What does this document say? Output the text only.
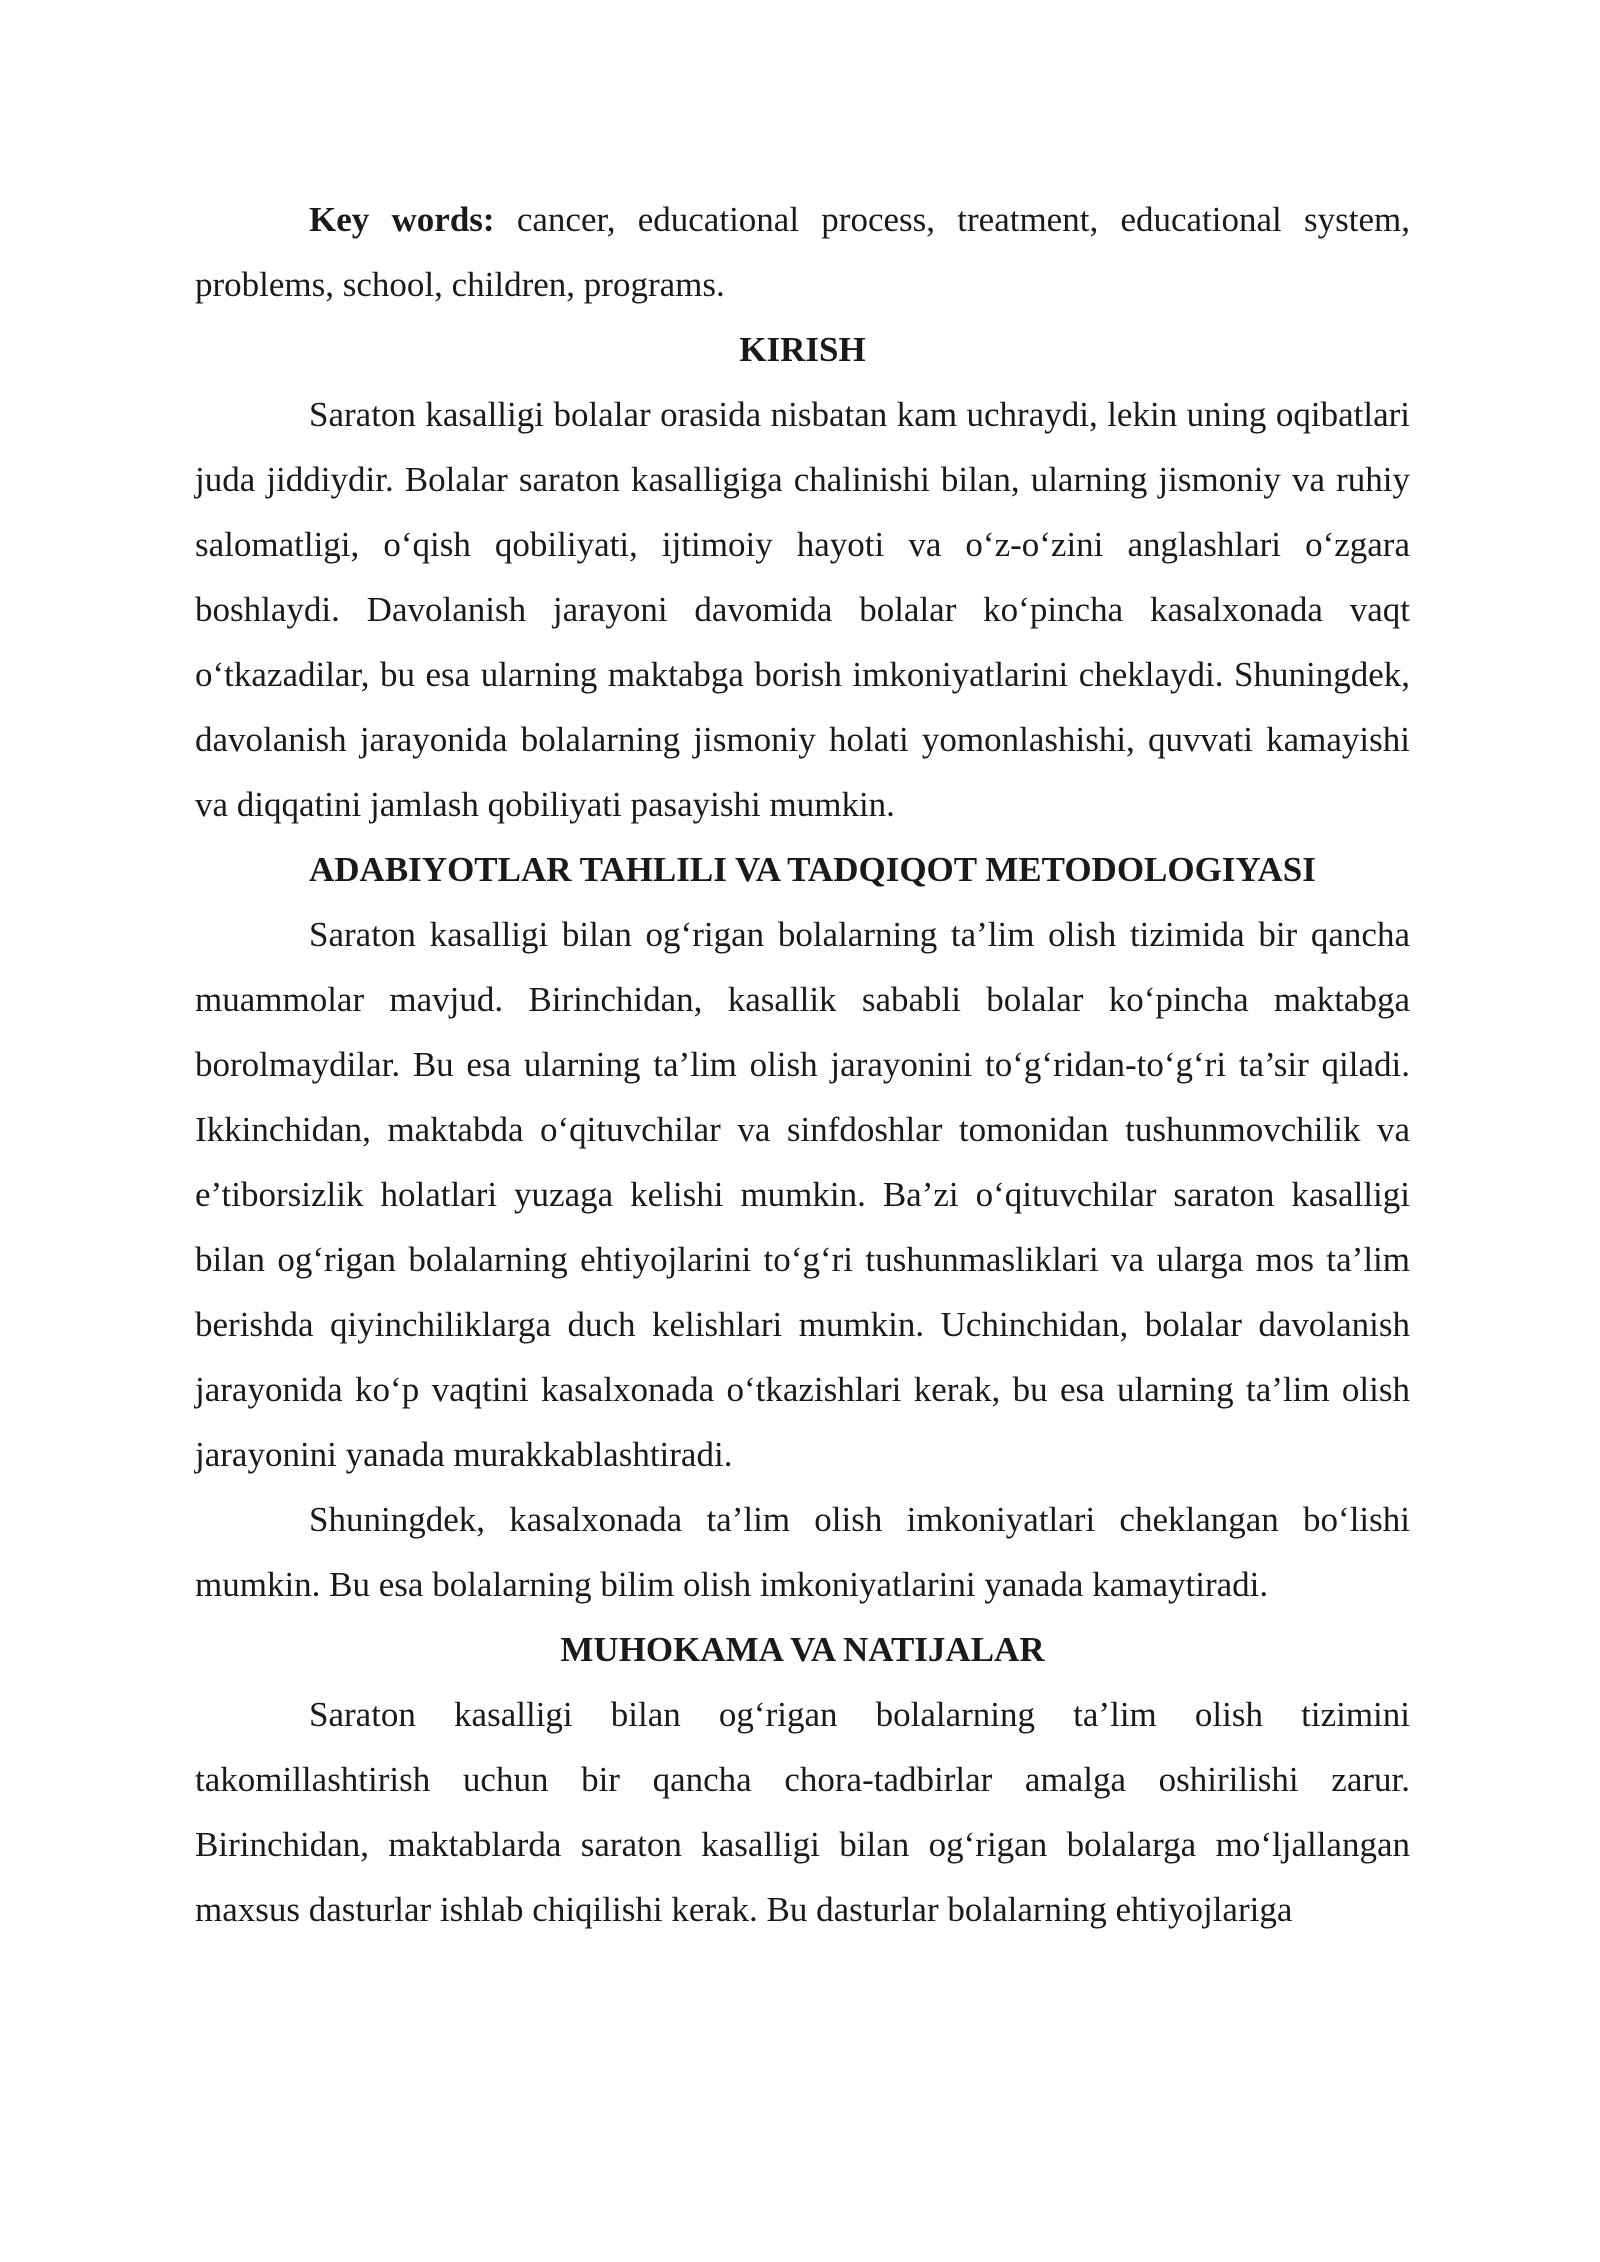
Key words: cancer, educational process, treatment, educational system, problems, school, children, programs.

KIRISH

Saraton kasalligi bolalar orasida nisbatan kam uchraydi, lekin uning oqibatlari juda jiddiydir. Bolalar saraton kasalligiga chalinishi bilan, ularning jismoniy va ruhiy salomatligi, o‘qish qobiliyati, ijtimoiy hayoti va o‘z-o‘zini anglashlari o‘zgara boshlaydi. Davolanish jarayoni davomida bolalar ko‘pincha kasalxonada vaqt o‘tkazadilar, bu esa ularning maktabga borish imkoniyatlarini cheklaydi. Shuningdek, davolanish jarayonida bolalarning jismoniy holati yomonlashishi, quvvati kamayishi va diqqatini jamlash qobiliyati pasayishi mumkin.

ADABIYOTLAR TAHLILI VA TADQIQOT METODOLOGIYASI

Saraton kasalligi bilan og‘rigan bolalarning ta’lim olish tizimida bir qancha muammolar mavjud. Birinchidan, kasallik sababli bolalar ko‘pincha maktabga borolmaydilar. Bu esa ularning ta’lim olish jarayonini to‘g‘ridan-to‘g‘ri ta’sir qiladi. Ikkinchidan, maktabda o‘qituvchilar va sinfdoshlar tomonidan tushunmovchilik va e’tiborsizlik holatlari yuzaga kelishi mumkin. Ba’zi o‘qituvchilar saraton kasalligi bilan og‘rigan bolalarning ehtiyojlarini to‘g‘ri tushunmasliklari va ularga mos ta’lim berishda qiyinchiliklarga duch kelishlari mumkin. Uchinchidan, bolalar davolanish jarayonida ko‘p vaqtini kasalxonada o‘tkazishlari kerak, bu esa ularning ta’lim olish jarayonini yanada murakkablashtiradi.

Shuningdek, kasalxonada ta’lim olish imkoniyatlari cheklangan bo‘lishi mumkin. Bu esa bolalarning bilim olish imkoniyatlarini yanada kamaytiradi.

MUHOKAMA VA NATIJALAR

Saraton kasalligi bilan og‘rigan bolalarning ta’lim olish tizimini takomillashtirish uchun bir qancha chora-tadbirlar amalga oshirilishi zarur. Birinchidan, maktablarda saraton kasalligi bilan og‘rigan bolalarga mo‘ljallangan maxsus dasturlar ishlab chiqilishi kerak. Bu dasturlar bolalarning ehtiyojlariga
